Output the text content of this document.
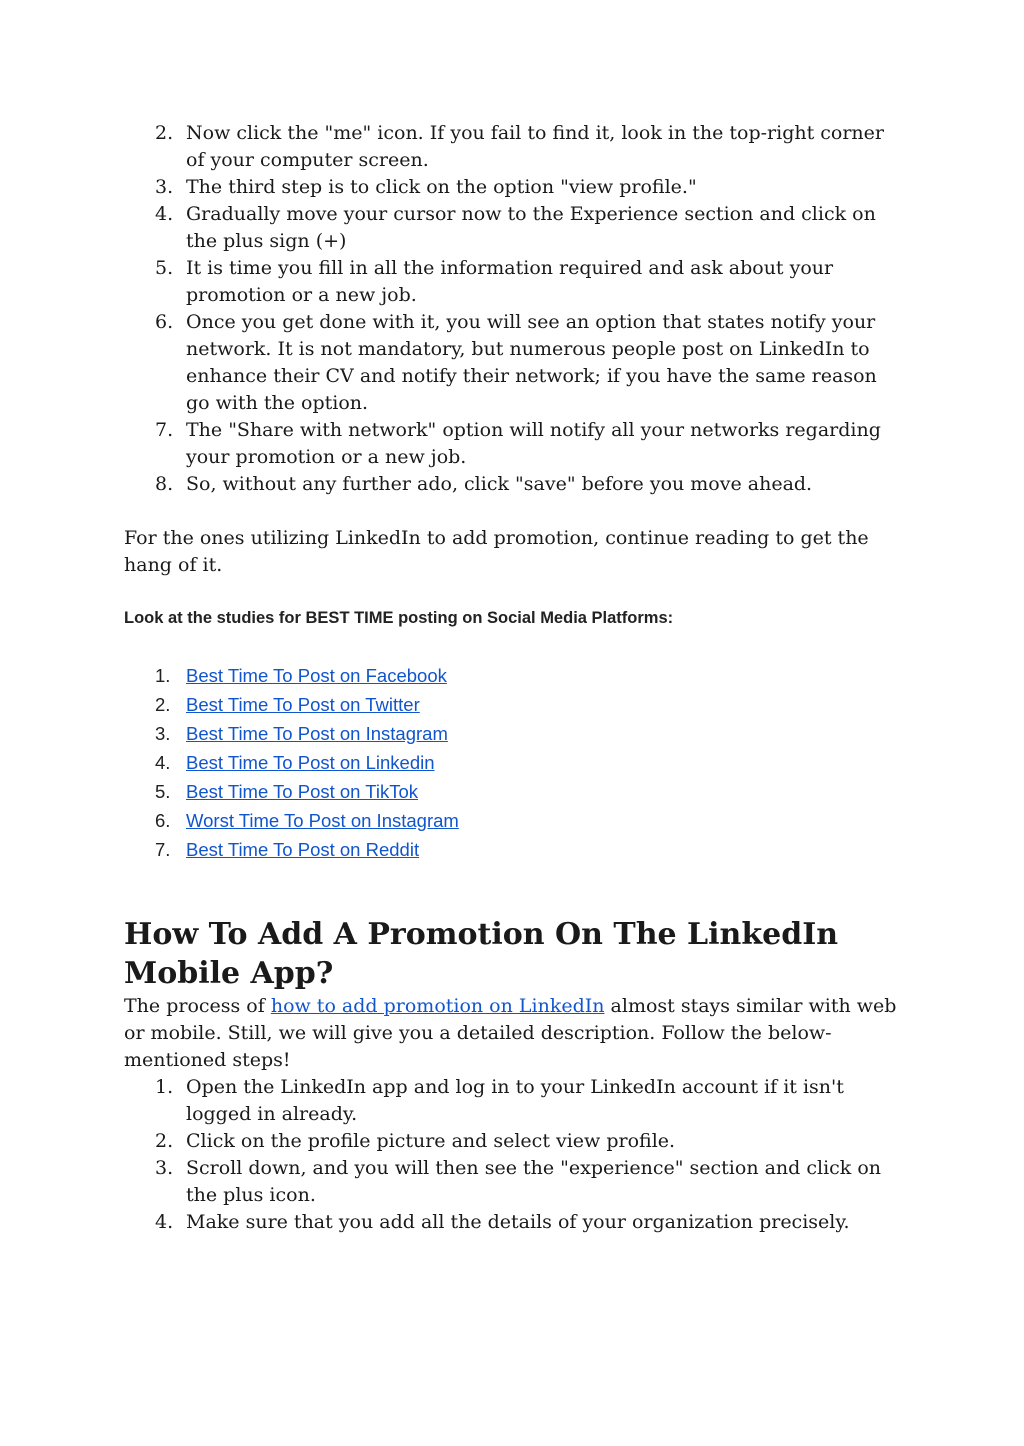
2. Now click the "me" icon. If you fail to find it, look in the top-right corner of your computer screen.
3. The third step is to click on the option "view profile."
4. Gradually move your cursor now to the Experience section and click on the plus sign (+)
5. It is time you fill in all the information required and ask about your promotion or a new job.
6. Once you get done with it, you will see an option that states notify your network. It is not mandatory, but numerous people post on LinkedIn to enhance their CV and notify their network; if you have the same reason go with the option.
7. The "Share with network" option will notify all your networks regarding your promotion or a new job.
8. So, without any further ado, click "save" before you move ahead.

For the ones utilizing LinkedIn to add promotion, continue reading to get the hang of it.

Look at the studies for BEST TIME posting on Social Media Platforms:
1. Best Time To Post on Facebook
2. Best Time To Post on Twitter
3. Best Time To Post on Instagram
4. Best Time To Post on Linkedin
5. Best Time To Post on TikTok
6. Worst Time To Post on Instagram
7. Best Time To Post on Reddit
How To Add A Promotion On The LinkedIn Mobile App?

The process of how to add promotion on LinkedIn almost stays similar with web or mobile. Still, we will give you a detailed description. Follow the below-mentioned steps!

1. Open the LinkedIn app and log in to your LinkedIn account if it isn't logged in already.
2. Click on the profile picture and select view profile.
3. Scroll down, and you will then see the "experience" section and click on the plus icon.
4. Make sure that you add all the details of your organization precisely.
